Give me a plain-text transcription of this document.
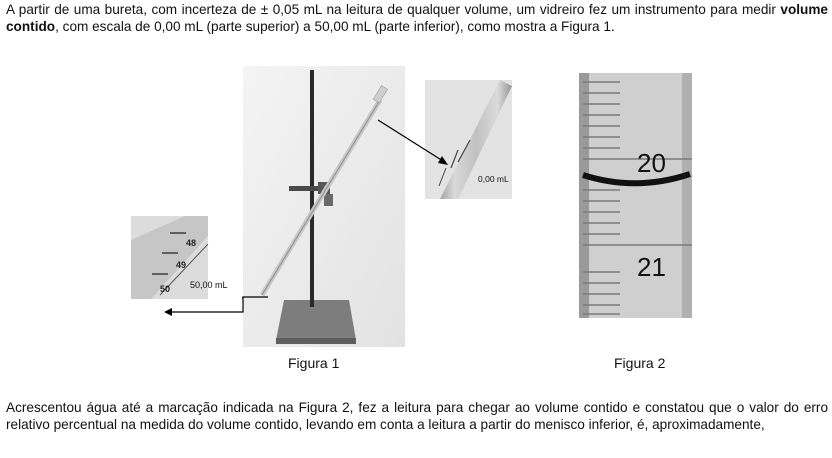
A partir de uma bureta, com incerteza de ± 0,05 mL na leitura de qualquer volume, um vidreiro fez um instrumento para medir volume contido, com escala de 0,00 mL (parte superior) a 50,00 mL (parte inferior), como mostra a Figura 1.
0,00 mL
48
49
50 50,00 mL
Figura 1
20
21
Figura 2
Acrescentou água até a marcação indicada na Figura 2, fez a leitura para chegar ao volume contido e constatou que o valor do erro relativo percentual na medida do volume contido, levando em conta a leitura a partir do menisco inferior, é, aproximadamente,
